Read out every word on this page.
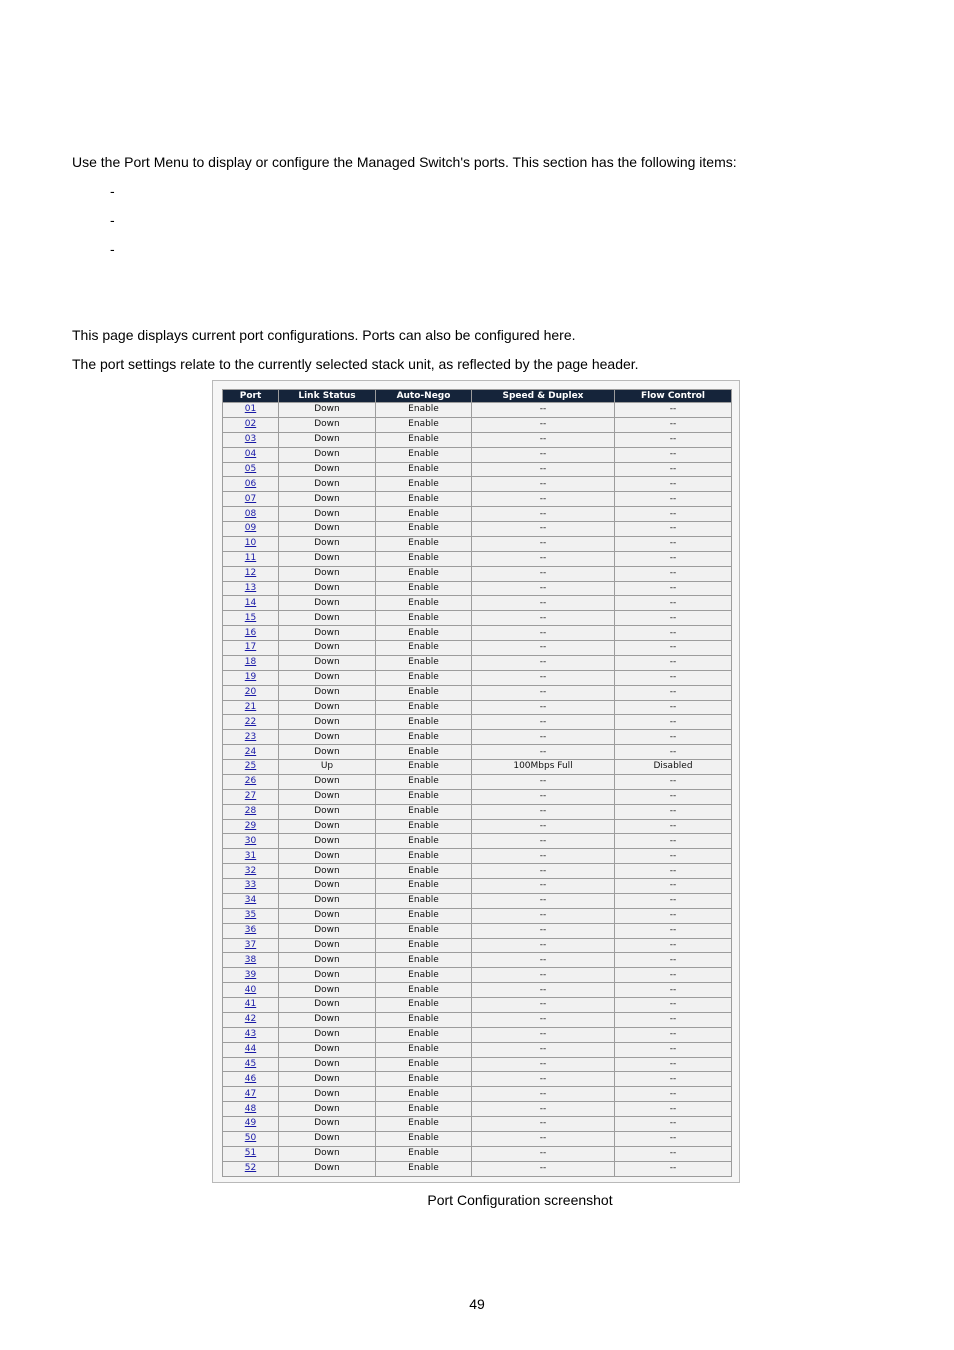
Use the Port Menu to display or configure the Managed Switch's ports. This section has the following items:
-
-
-
This page displays current port configurations. Ports can also be configured here.
The port settings relate to the currently selected stack unit, as reflected by the page header.
Port	Link Status	Auto-Nego	Speed & Duplex	Flow Control
01	Down	Enable	--	--
02	Down	Enable	--	--
03	Down	Enable	--	--
04	Down	Enable	--	--
05	Down	Enable	--	--
06	Down	Enable	--	--
07	Down	Enable	--	--
08	Down	Enable	--	--
09	Down	Enable	--	--
10	Down	Enable	--	--
11	Down	Enable	--	--
12	Down	Enable	--	--
13	Down	Enable	--	--
14	Down	Enable	--	--
15	Down	Enable	--	--
16	Down	Enable	--	--
17	Down	Enable	--	--
18	Down	Enable	--	--
19	Down	Enable	--	--
20	Down	Enable	--	--
21	Down	Enable	--	--
22	Down	Enable	--	--
23	Down	Enable	--	--
24	Down	Enable	--	--
25	Up	Enable	100Mbps Full	Disabled
26	Down	Enable	--	--
27	Down	Enable	--	--
28	Down	Enable	--	--
29	Down	Enable	--	--
30	Down	Enable	--	--
31	Down	Enable	--	--
32	Down	Enable	--	--
33	Down	Enable	--	--
34	Down	Enable	--	--
35	Down	Enable	--	--
36	Down	Enable	--	--
37	Down	Enable	--	--
38	Down	Enable	--	--
39	Down	Enable	--	--
40	Down	Enable	--	--
41	Down	Enable	--	--
42	Down	Enable	--	--
43	Down	Enable	--	--
44	Down	Enable	--	--
45	Down	Enable	--	--
46	Down	Enable	--	--
47	Down	Enable	--	--
48	Down	Enable	--	--
49	Down	Enable	--	--
50	Down	Enable	--	--
51	Down	Enable	--	--
52	Down	Enable	--	--
Port Configuration screenshot
49
